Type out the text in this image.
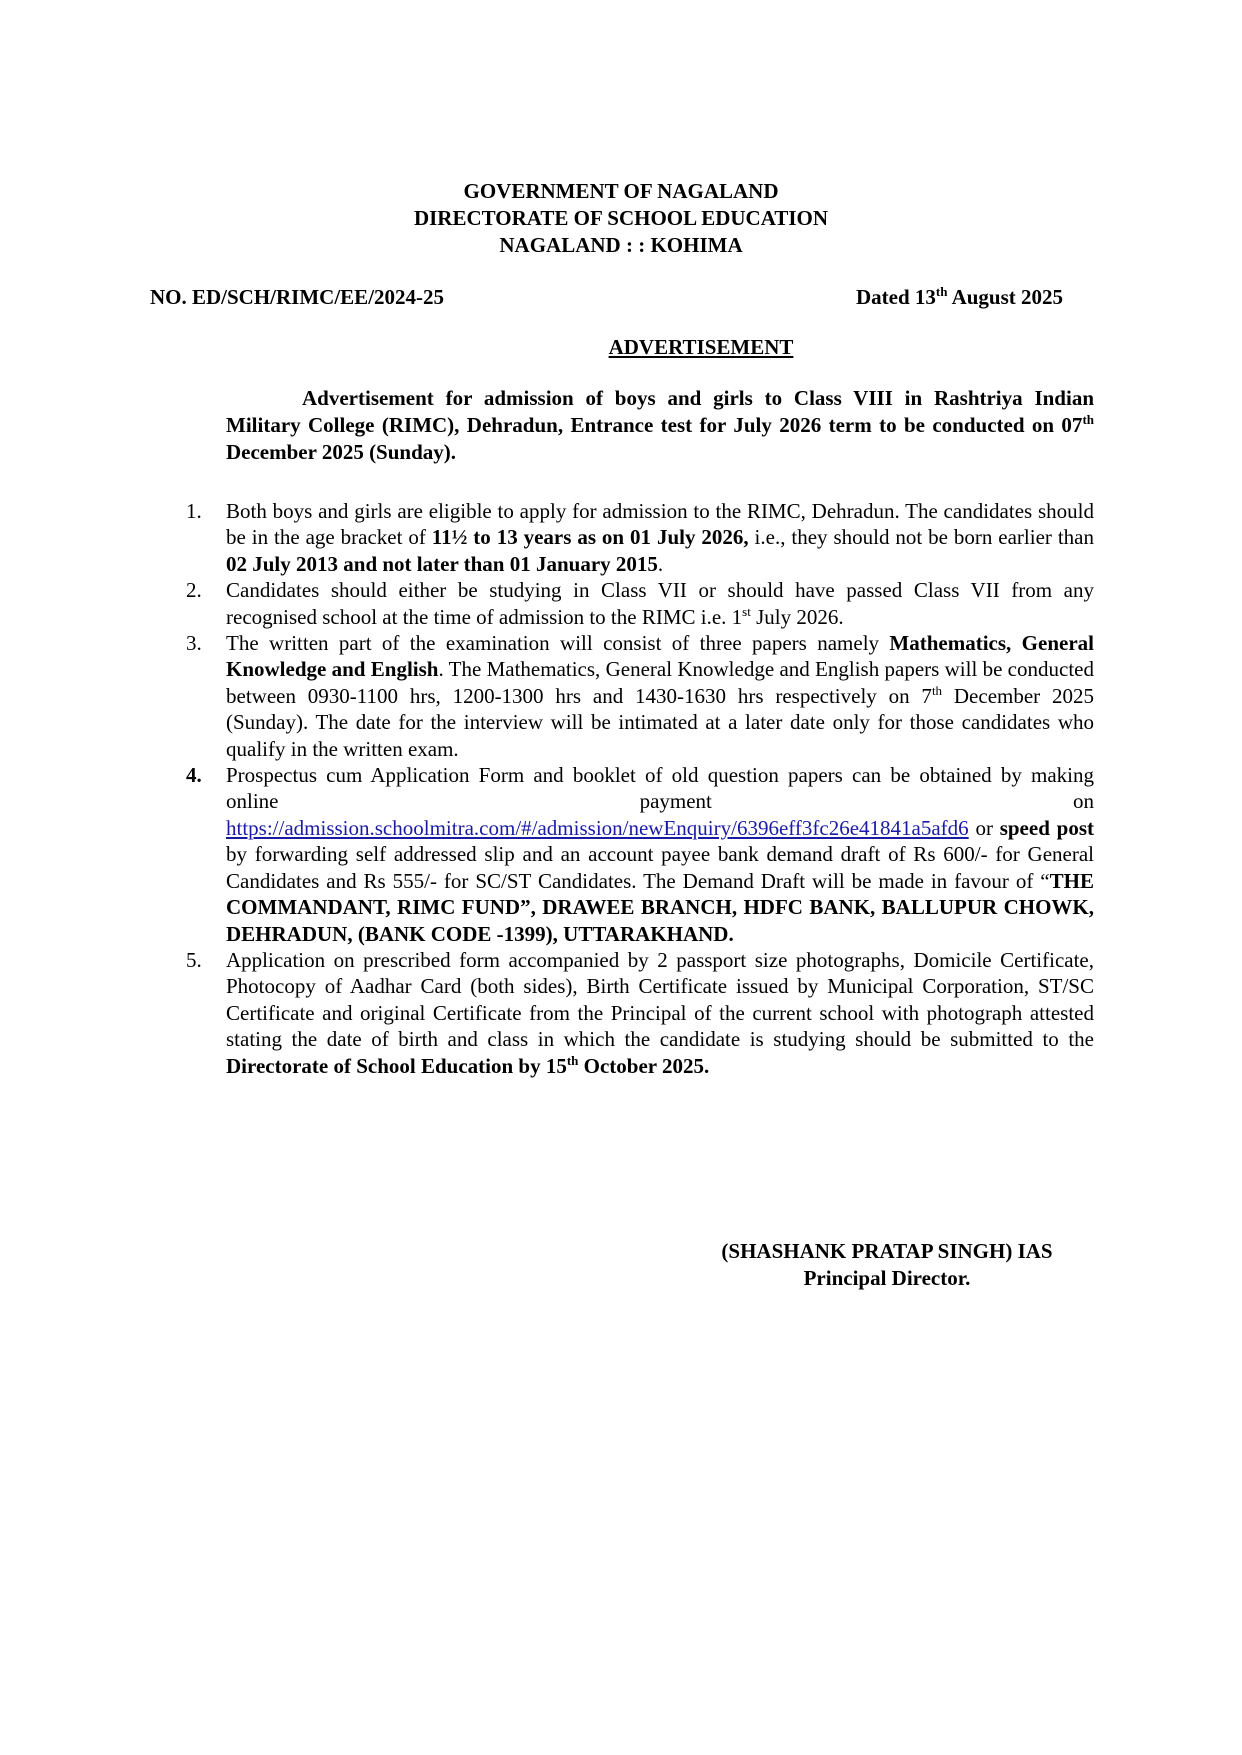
GOVERNMENT OF NAGALAND
DIRECTORATE OF SCHOOL EDUCATION
NAGALAND : : KOHIMA
NO. ED/SCH/RIMC/EE/2024-25	Dated 13th August 2025
ADVERTISEMENT
Advertisement for admission of boys and girls to Class VIII in Rashtriya Indian Military College (RIMC), Dehradun, Entrance test for July 2026 term to be conducted on 07th December 2025 (Sunday).
1. Both boys and girls are eligible to apply for admission to the RIMC, Dehradun. The candidates should be in the age bracket of 11½ to 13 years as on 01 July 2026, i.e., they should not be born earlier than 02 July 2013 and not later than 01 January 2015.
2. Candidates should either be studying in Class VII or should have passed Class VII from any recognised school at the time of admission to the RIMC i.e. 1st July 2026.
3. The written part of the examination will consist of three papers namely Mathematics, General Knowledge and English. The Mathematics, General Knowledge and English papers will be conducted between 0930-1100 hrs, 1200-1300 hrs and 1430-1630 hrs respectively on 7th December 2025 (Sunday). The date for the interview will be intimated at a later date only for those candidates who qualify in the written exam.
4. Prospectus cum Application Form and booklet of old question papers can be obtained by making online payment on https://admission.schoolmitra.com/#/admission/newEnquiry/6396eff3fc26e41841a5afd6 or speed post by forwarding self addressed slip and an account payee bank demand draft of Rs 600/- for General Candidates and Rs 555/- for SC/ST Candidates. The Demand Draft will be made in favour of “THE COMMANDANT, RIMC FUND”, DRAWEE BRANCH, HDFC BANK, BALLUPUR CHOWK, DEHRADUN, (BANK CODE -1399), UTTARAKHAND.
5. Application on prescribed form accompanied by 2 passport size photographs, Domicile Certificate, Photocopy of Aadhar Card (both sides), Birth Certificate issued by Municipal Corporation, ST/SC Certificate and original Certificate from the Principal of the current school with photograph attested stating the date of birth and class in which the candidate is studying should be submitted to the Directorate of School Education by 15th October 2025.
(SHASHANK PRATAP SINGH) IAS
Principal Director.
